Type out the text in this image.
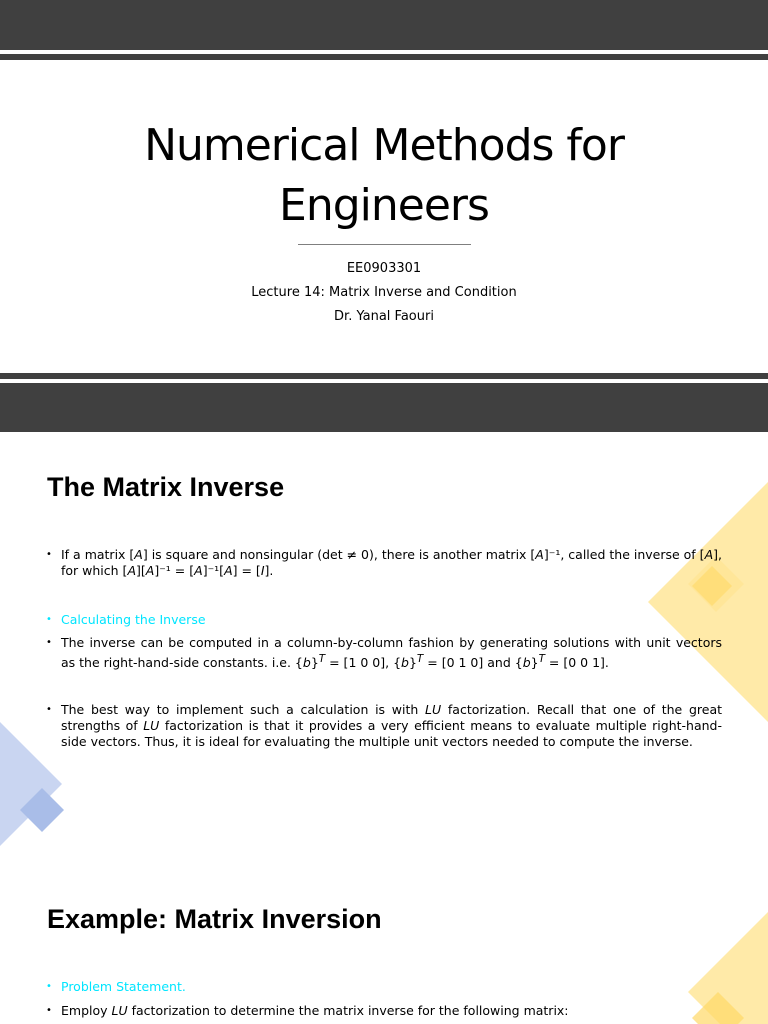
Numerical Methods for
Engineers
EE0903301
Lecture 14: Matrix Inverse and Condition
Dr. Yanal Faouri
The Matrix Inverse
• If a matrix [A] is square and nonsingular (det ≠ 0), there is another matrix [A]⁻¹, called the inverse of [A], for which [A][A]⁻¹ = [A]⁻¹[A] = [I].
• Calculating the Inverse
• The inverse can be computed in a column-by-column fashion by generating solutions with unit vectors as the right-hand-side constants. i.e. $\{b\}^T = [1$ 0 0], $\{b\}^T = [0$ 1 0] and $\{b\}^T = [0$ 0 1].
• The best way to implement such a calculation is with LU factorization. Recall that one of the great strengths of LU factorization is that it provides a very efficient means to evaluate multiple right-hand-side vectors. Thus, it is ideal for evaluating the multiple unit vectors needed to compute the inverse.
Example: Matrix Inversion
• Problem Statement.
• Employ LU factorization to determine the matrix inverse for the following matrix:
